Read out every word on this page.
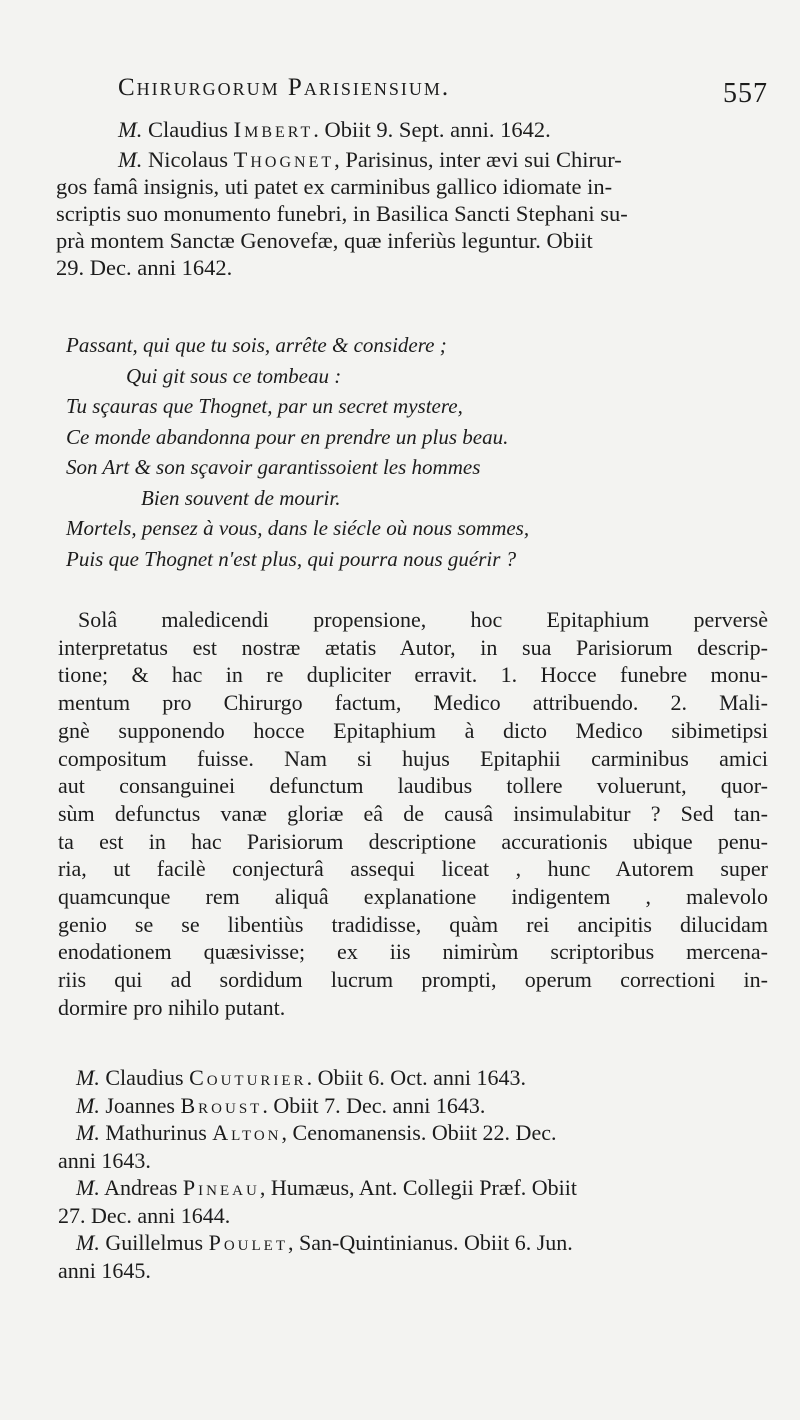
Chirurgorum Parisiensium.	557
M. Claudius Imbert. Obiit 9. Sept. anni. 1642.
M. Nicolaus Thognet, Parisinus, inter ævi sui Chirur-
gos famâ insignis, uti patet ex carminibus gallico idiomate in-
scriptis suo monumento funebri, in Basilica Sancti Stephani su-
prà montem Sanctæ Genovefæ, quæ inferiùs leguntur. Obiit
29. Dec. anni 1642.
Passant, qui que tu sois, arrête & considere ;
Qui git sous ce tombeau :
Tu sçauras que Thognet, par un secret mystere,
Ce monde abandonna pour en prendre un plus beau.
Son Art & son sçavoir garantissoient les hommes
Bien souvent de mourir.
Mortels, pensez à vous, dans le siécle où nous sommes,
Puis que Thognet n'est plus, qui pourra nous guérir ?
Solâ maledicendi propensione, hoc Epitaphium perversè
interpretatus est nostræ ætatis Autor, in sua Parisiorum descrip-
tione; & hac in re dupliciter erravit. 1. Hocce funebre monu-
mentum pro Chirurgo factum, Medico attribuendo. 2. Mali-
gnè supponendo hocce Epitaphium à dicto Medico sibimetipsi
compositum fuisse. Nam si hujus Epitaphii carminibus amici
aut consanguinei defunctum laudibus tollere voluerunt, quor-
sùm defunctus vanæ gloriæ eâ de causâ insimulabitur ? Sed tan-
ta est in hac Parisiorum descriptione accurationis ubique penu-
ria, ut facilè conjecturâ assequi liceat , hunc Autorem super
quamcunque rem aliquâ explanatione indigentem , malevolo
genio se se libentiùs tradidisse, quàm rei ancipitis dilucidam
enodationem quæsivisse; ex iis nimirùm scriptoribus mercena-
riis qui ad sordidum lucrum prompti, operum correctioni in-
dormire pro nihilo putant.
M. Claudius Couturier. Obiit 6. Oct. anni 1643.
M. Joannes Broust. Obiit 7. Dec. anni 1643.
M. Mathurinus Alton, Cenomanensis. Obiit 22. Dec.
anni 1643.
M. Andreas Pineau, Humæus, Ant. Collegii Præf. Obiit
27. Dec. anni 1644.
M. Guillelmus Poulet, San-Quintinianus. Obiit 6. Jun.
anni 1645.
